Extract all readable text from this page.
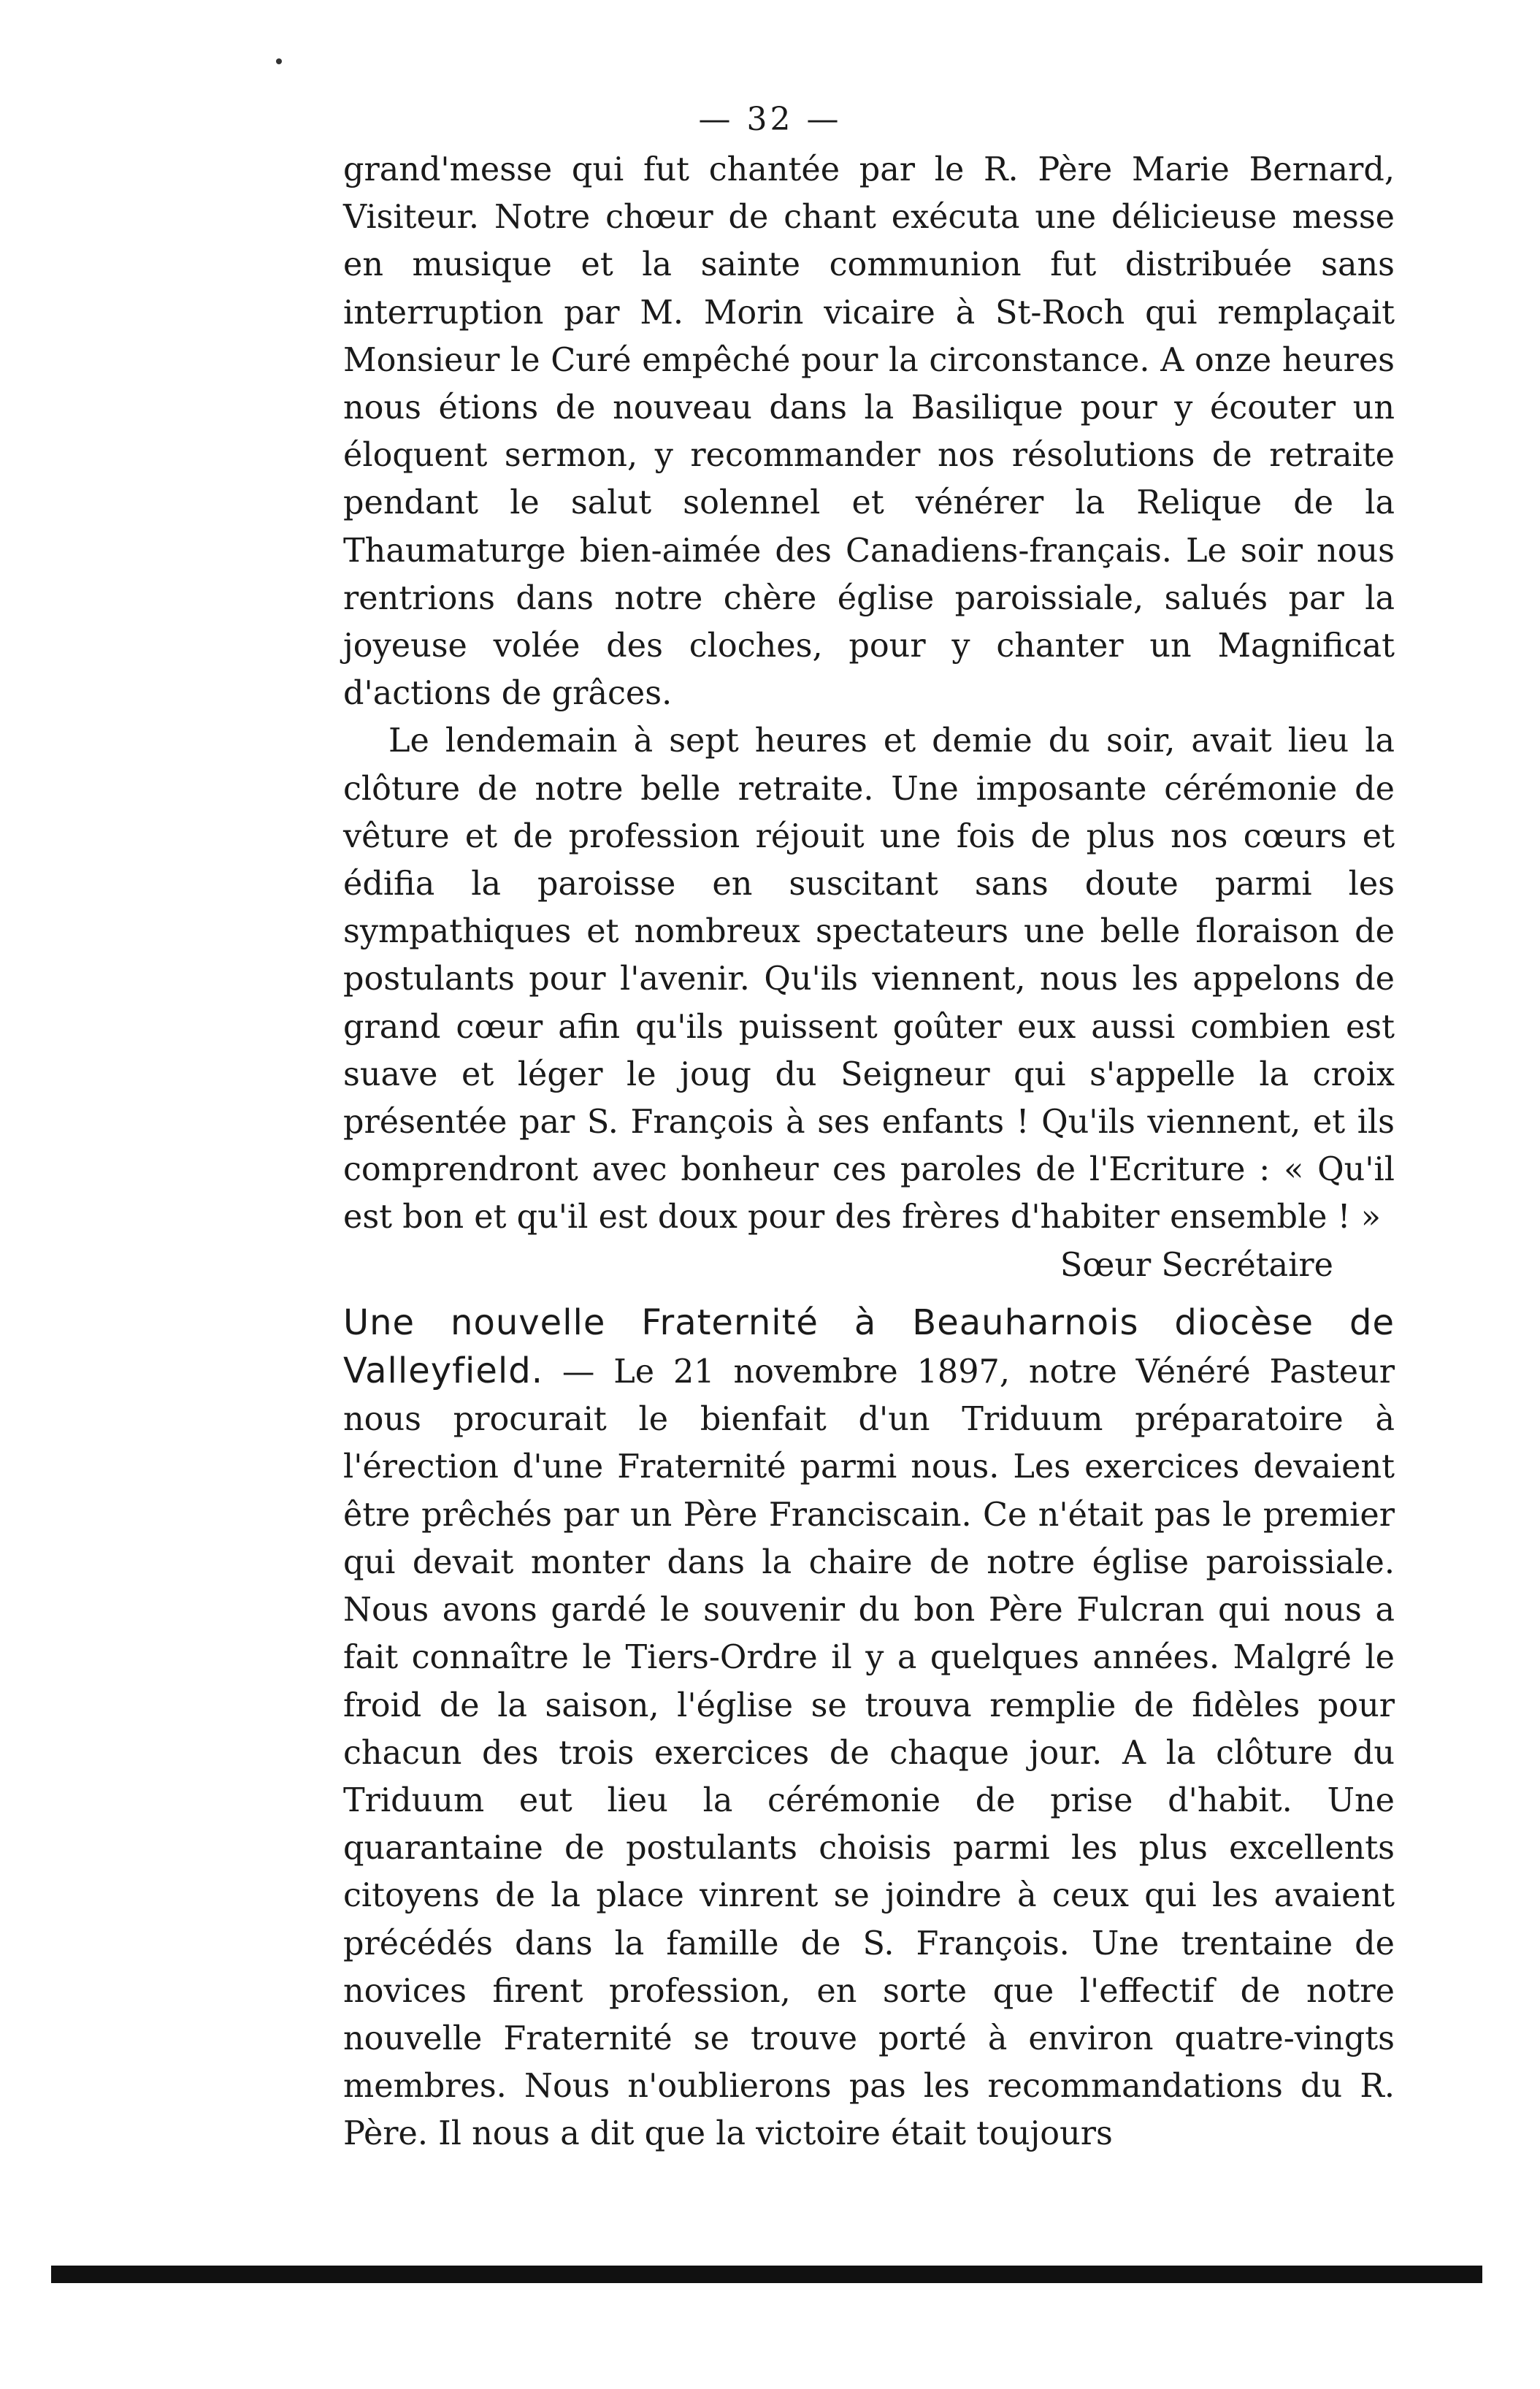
— 32 —

grand'messe qui fut chantée par le R. Père Marie Bernard, Visiteur. Notre chœur de chant exécuta une délicieuse messe en musique et la sainte communion fut distribuée sans interruption par M. Morin vicaire à St-Roch qui remplaçait Monsieur le Curé empêché pour la circonstance. A onze heures nous étions de nouveau dans la Basilique pour y écouter un éloquent sermon, y recommander nos résolutions de retraite pendant le salut solennel et vénérer la Relique de la Thaumaturge bien-aimée des Canadiens-français. Le soir nous rentrions dans notre chère église paroissiale, salués par la joyeuse volée des cloches, pour y chanter un Magnificat d'actions de grâces.

Le lendemain à sept heures et demie du soir, avait lieu la clôture de notre belle retraite. Une imposante cérémonie de vêture et de profession réjouit une fois de plus nos cœurs et édifia la paroisse en suscitant sans doute parmi les sympathiques et nombreux spectateurs une belle floraison de postulants pour l'avenir. Qu'ils viennent, nous les appelons de grand cœur afin qu'ils puissent goûter eux aussi combien est suave et léger le joug du Seigneur qui s'appelle la croix présentée par S. François à ses enfants ! Qu'ils viennent, et ils comprendront avec bonheur ces paroles de l'Ecriture : « Qu'il est bon et qu'il est doux pour des frères d'habiter ensemble ! »

Sœur Secrétaire

Une nouvelle Fraternité à Beauharnois diocèse de Valleyfield. — Le 21 novembre 1897, notre Vénéré Pasteur nous procurait le bienfait d'un Triduum préparatoire à l'érection d'une Fraternité parmi nous. Les exercices devaient être prêchés par un Père Franciscain. Ce n'était pas le premier qui devait monter dans la chaire de notre église paroissiale. Nous avons gardé le souvenir du bon Père Fulcran qui nous a fait connaître le Tiers-Ordre il y a quelques années. Malgré le froid de la saison, l'église se trouva remplie de fidèles pour chacun des trois exercices de chaque jour. A la clôture du Triduum eut lieu la cérémonie de prise d'habit. Une quarantaine de postulants choisis parmi les plus excellents citoyens de la place vinrent se joindre à ceux qui les avaient précédés dans la famille de S. François. Une trentaine de novices firent profession, en sorte que l'effectif de notre nouvelle Fraternité se trouve porté à environ quatre-vingts membres. Nous n'oublierons pas les recommandations du R. Père. Il nous a dit que la victoire était toujours
